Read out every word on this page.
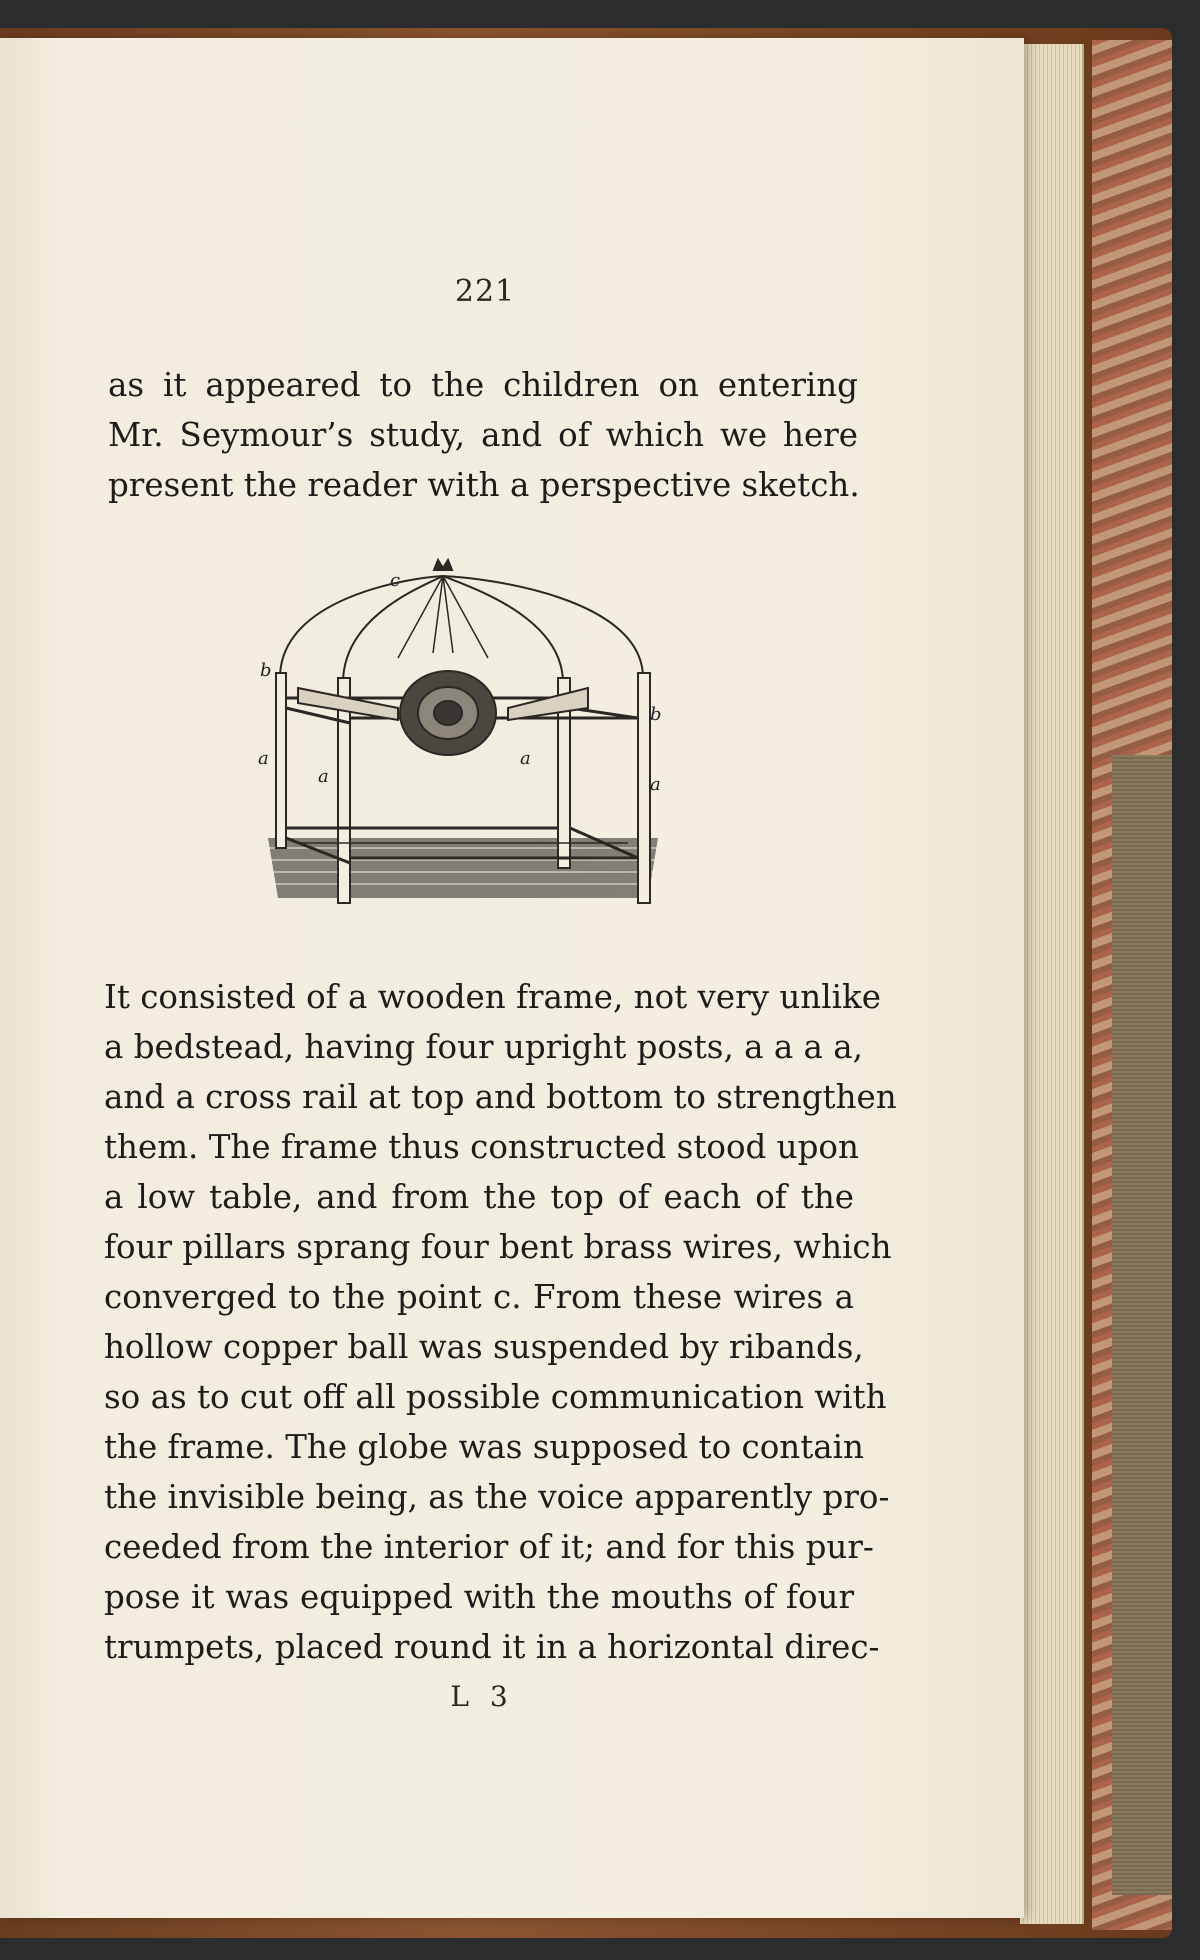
221

as it appeared to the children on entering
Mr. Seymour’s study, and of which we here
present the reader with a perspective sketch.

c
b
b
a
a
a
a

It consisted of a wooden frame, not very unlike
a bedstead, having four upright posts, a a a a,
and a cross rail at top and bottom to strengthen
them. The frame thus constructed stood upon
a low table, and from the top of each of the
four pillars sprang four bent brass wires, which
converged to the point c. From these wires a
hollow copper ball was suspended by ribands,
so as to cut off all possible communication with
the frame. The globe was supposed to contain
the invisible being, as the voice apparently pro-
ceeded from the interior of it; and for this pur-
pose it was equipped with the mouths of four
trumpets, placed round it in a horizontal direc-

L 3
